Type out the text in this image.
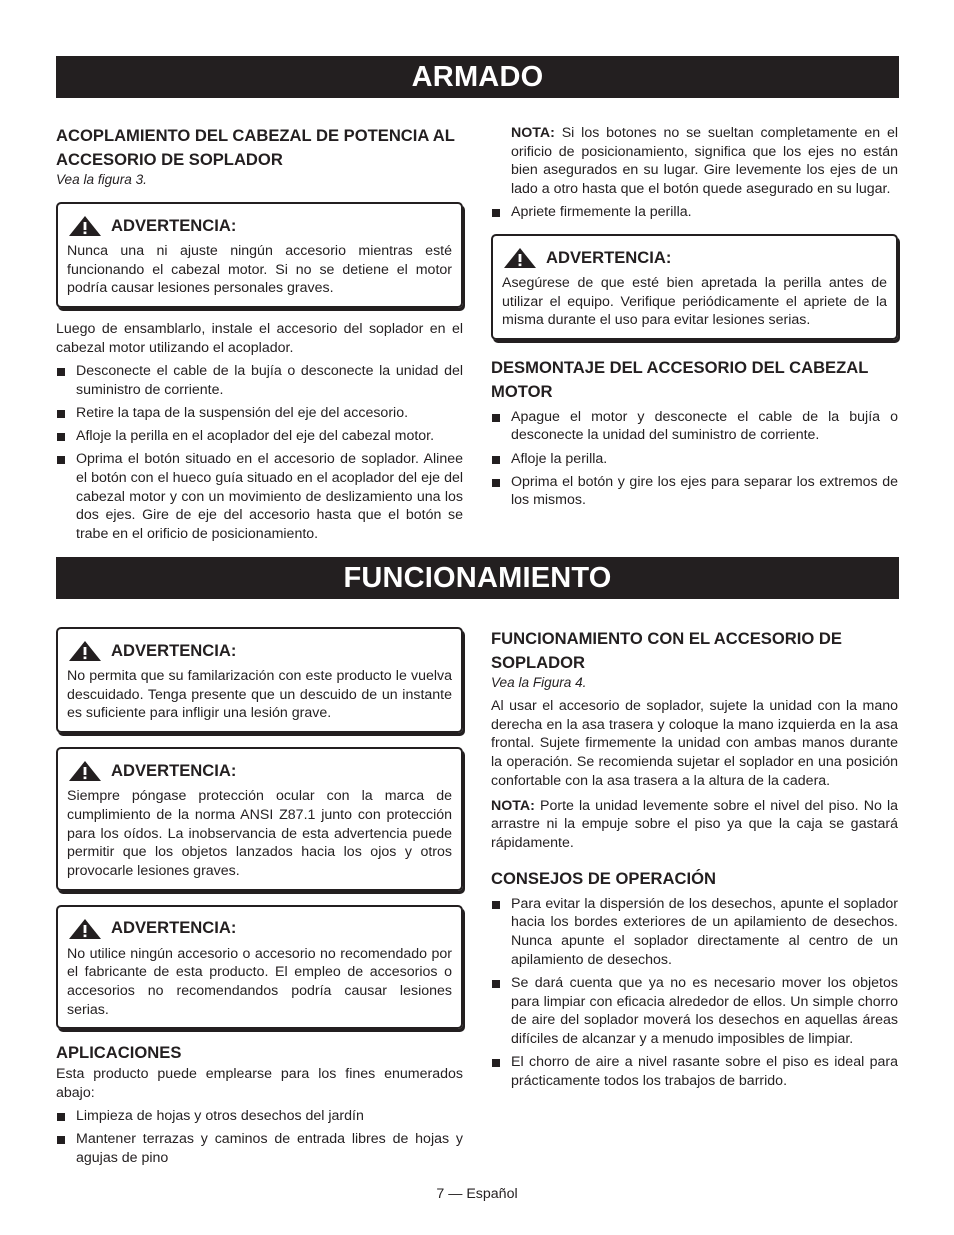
ARMADO
ACOPLAMIENTO DEL CABEZAL DE POTENCIA AL ACCESORIO DE SOPLADOR
Vea la figura 3.
ADVERTENCIA:

Nunca una ni ajuste ningún accesorio mientras esté funcionando el cabezal motor. Si no se detiene el motor podría causar lesiones personales graves.

Luego de ensamblarlo, instale el accesorio del soplador en el cabezal motor utilizando el acoplador.

Desconecte el cable de la bujía o desconecte la unidad del suministro de corriente.
Retire la tapa de la suspensión del eje del accesorio.
Afloje la perilla en el acoplador del eje del cabezal motor.
Oprima el botón situado en el accesorio de soplador. Alinee el botón con el hueco guía situado en el acoplador del eje del cabezal motor y con un movimiento de deslizamiento una los dos ejes. Gire de eje del accesorio hasta que el botón se trabe en el orificio de posicionamiento.

NOTA: Si los botones no se sueltan completamente en el orificio de posicionamiento, significa que los ejes no están bien asegurados en su lugar. Gire levemente los ejes de un lado a otro hasta que el botón quede asegurado en su lugar.

Apriete firmemente la perilla.
ADVERTENCIA:

Asegúrese de que esté bien apretada la perilla antes de utilizar el equipo. Verifique periódicamente el apriete de la misma durante el uso para evitar lesiones serias.

DESMONTAJE DEL ACCESORIO DEL CABEZAL MOTOR
Apague el motor y desconecte el cable de la bujía o desconecte la unidad del suministro de corriente.
Afloje la perilla.
Oprima el botón y gire los ejes para separar los extremos de los mismos.
FUNCIONAMIENTO
ADVERTENCIA:

No permita que su familarización con este producto le vuelva descuidado. Tenga presente que un descuido de un instante es suficiente para infligir una lesión grave.

ADVERTENCIA:

Siempre póngase protección ocular con la marca de cumplimiento de la norma ANSI Z87.1 junto con protección para los oídos. La inobservancia de esta advertencia puede permitir que los objetos lanzados hacia los ojos y otros provocarle lesiones graves.

ADVERTENCIA:

No utilice ningún accesorio o accesorio no recomendado por el fabricante de esta producto. El empleo de accesorios o accesorios no recomendandos podría causar lesiones serias.

APLICACIONES

Esta producto puede emplearse para los fines enumerados abajo:

Limpieza de hojas y otros desechos del jardín
Mantener terrazas y caminos de entrada libres de hojas y agujas de pino
FUNCIONAMIENTO CON EL ACCESORIO DE SOPLADOR
Vea la Figura 4.

Al usar el accesorio de soplador, sujete la unidad con la mano derecha en la asa trasera y coloque la mano izquierda en la asa frontal. Sujete firmemente la unidad con ambas manos durante la operación. Se recomienda sujetar el soplador en una posición confortable con la asa trasera a la altura de la cadera.

NOTA: Porte la unidad levemente sobre el nivel del piso. No la arrastre ni la empuje sobre el piso ya que la caja se gastará rápidamente.

CONSEJOS DE OPERACIÓN
Para evitar la dispersión de los desechos, apunte el soplador hacia los bordes exteriores de un apilamiento de desechos. Nunca apunte el soplador directamente al centro de un apilamiento de desechos.
Se dará cuenta que ya no es necesario mover los objetos para limpiar con eficacia alrededor de ellos. Un simple chorro de aire del soplador moverá los desechos en aquellas áreas difíciles de alcanzar y a menudo imposibles de limpiar.
El chorro de aire a nivel rasante sobre el piso es ideal para prácticamente todos los trabajos de barrido.
7 — Español
